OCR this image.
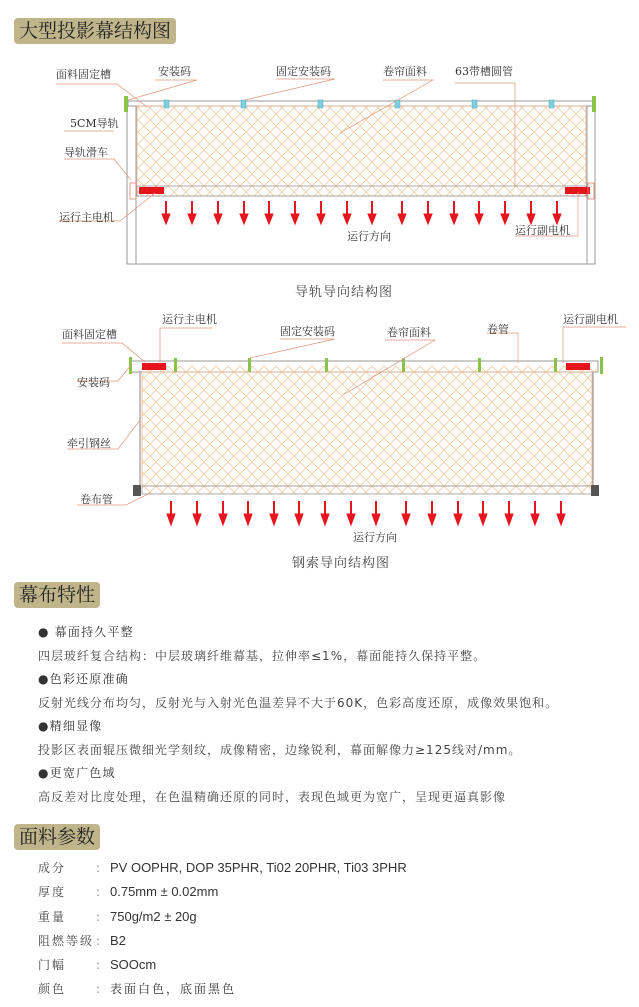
大型投影幕结构图
面料固定槽	安装码	固定安装码	卷帘面料	63带槽圆管
5CM导轨
导轨滑车
运行主电机
运行方向	运行副电机
导轨导向结构图
面料固定槽
运行主电机
固定安装码	卷帘面料	卷管
运行副电机
安装码
牵引钢丝
卷布管
运行方向
钢索导向结构图
幕布特性
● 幕面持久平整
四层玻纤复合结构：中层玻璃纤维幕基，拉伸率≤1%，幕面能持久保持平整。
●色彩还原准确
反射光线分布均匀，反射光与入射光色温差异不大于60K，色彩高度还原，成像效果饱和。
●精细显像
投影区表面辊压微细光学刻纹，成像精密，边缘锐利，幕面解像力≥125线对/mm。
●更宽广色域
高反差对比度处理，在色温精确还原的同时，表现色域更为宽广，呈现更逼真影像
面料参数
成分 : PV OOPHR, DOP 35PHR, Ti02 20PHR, Ti03 3PHR
厚度 : 0.75mm ± 0.02mm
重量 :750g/m2 ± 20g
阻燃等级 : B2
门幅 : SOOcm
颜色 : 表面白色，底面黑色
